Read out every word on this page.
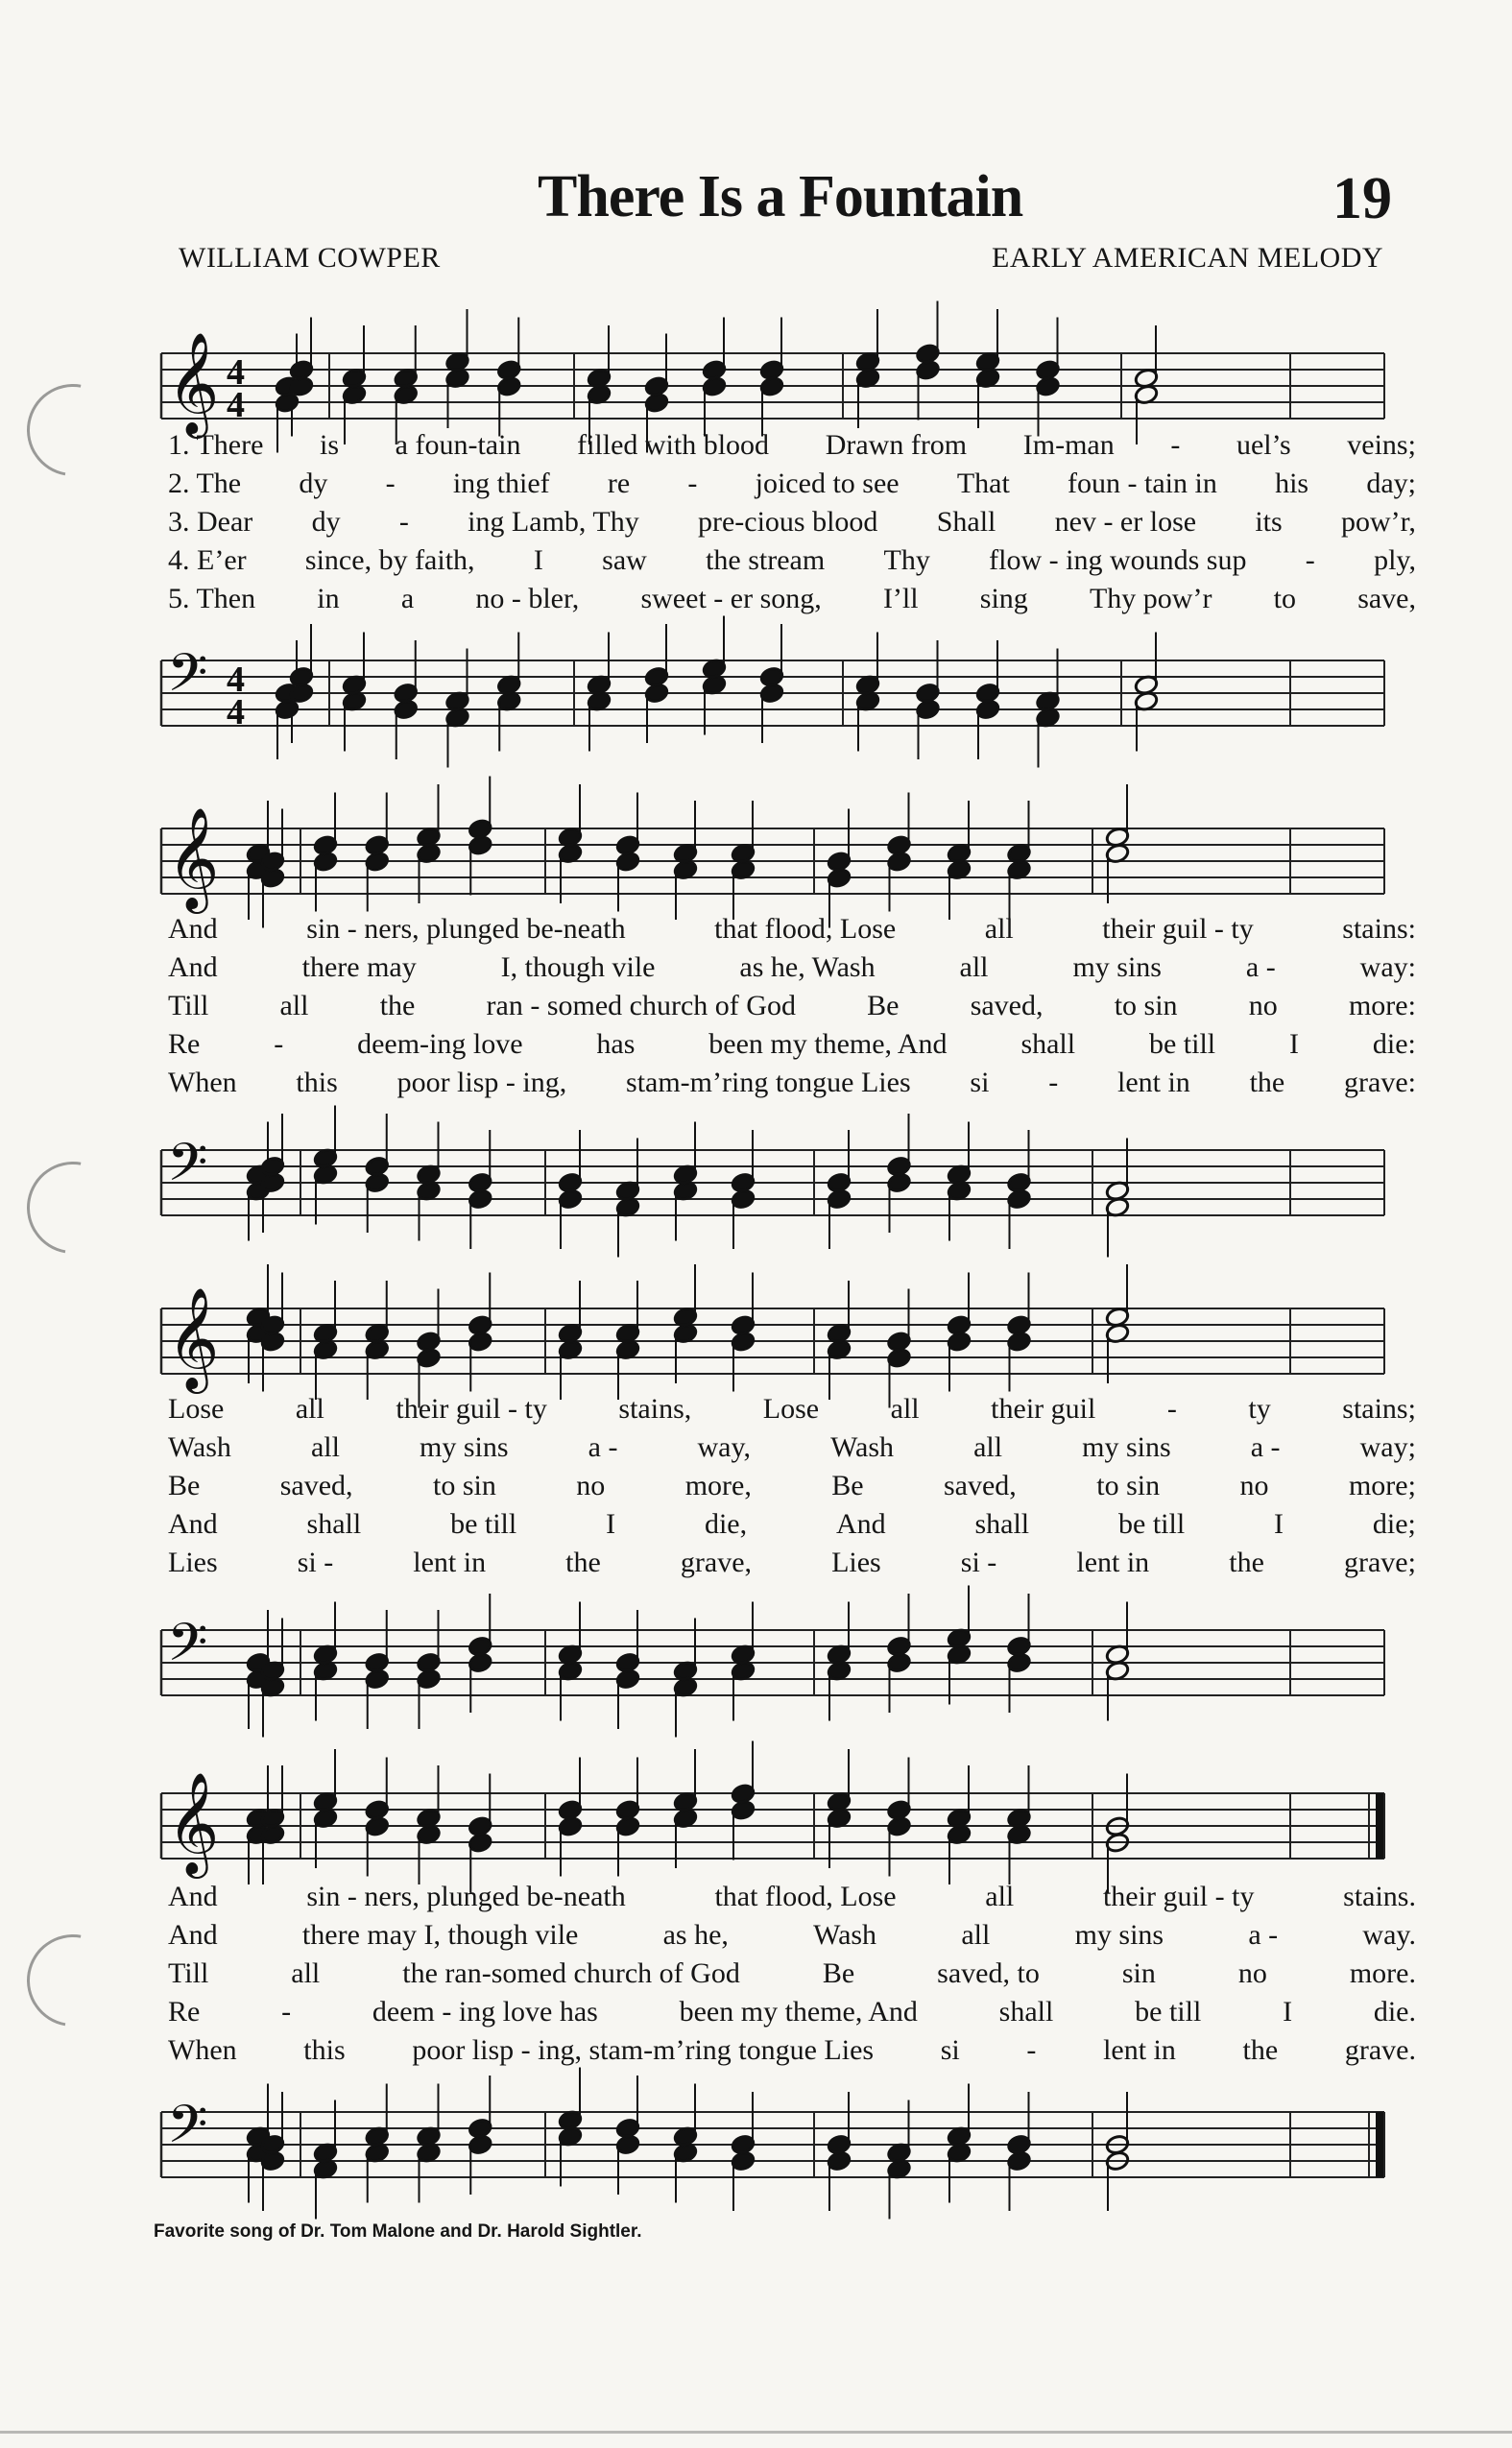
There Is a Fountain	19
WILLIAM COWPER	EARLY AMERICAN MELODY
𝄞 4
4
1. There is a foun-tain filled with blood Drawn from Im-man - uel’s veins;
2. The dy - ing thief re - joiced to see That foun - tain in his day;
3. Dear dy - ing Lamb, Thy pre-cious blood Shall nev - er lose its pow’r,
4. E’er since, by faith, I saw the stream Thy flow - ing wounds sup - ply,
5. Then in a no - bler, sweet - er song, I’ll sing Thy pow’r to save,
𝄢 4
4
𝄞
And	sin - ners, plunged be-neath	that flood, Lose	all	their guil - ty	stains:
And	there may	I, though vile	as he, Wash	all	my sins	a -	way:
Till all the ran - somed church of God Be saved, to sin no more:
Re	-	deem-ing love	has	been my theme, And	shall	be till	I	die:
When this poor lisp - ing, stam-m’ring tongue Lies si - lent in the grave:
𝄢
𝄞
Lose all their guil - ty stains, Lose all their guil - ty stains;
Wash	all	my sins	a -	way,	Wash	all	my sins	a -	way;
Be	saved,	to sin	no	more,	Be	saved,	to sin	no	more;
And	shall	be till	I	die,	And	shall	be till	I	die;
Lies	si -	lent in	the	grave,	Lies	si -	lent in	the	grave;
𝄢
𝄞
And	sin - ners, plunged be-neath	that flood, Lose	all	their guil - ty	stains.
And	there may I, though vile	as he,	Wash	all	my sins	a -	way.
Till	all	the ran-somed church of God	Be	saved, to	sin	no	more.
Re	-	deem - ing love has	been my theme, And	shall	be till	I	die.
When this poor lisp - ing, stam-m’ring tongue Lies si - lent in the grave.
𝄢
Favorite song of Dr. Tom Malone and Dr. Harold Sightler.
